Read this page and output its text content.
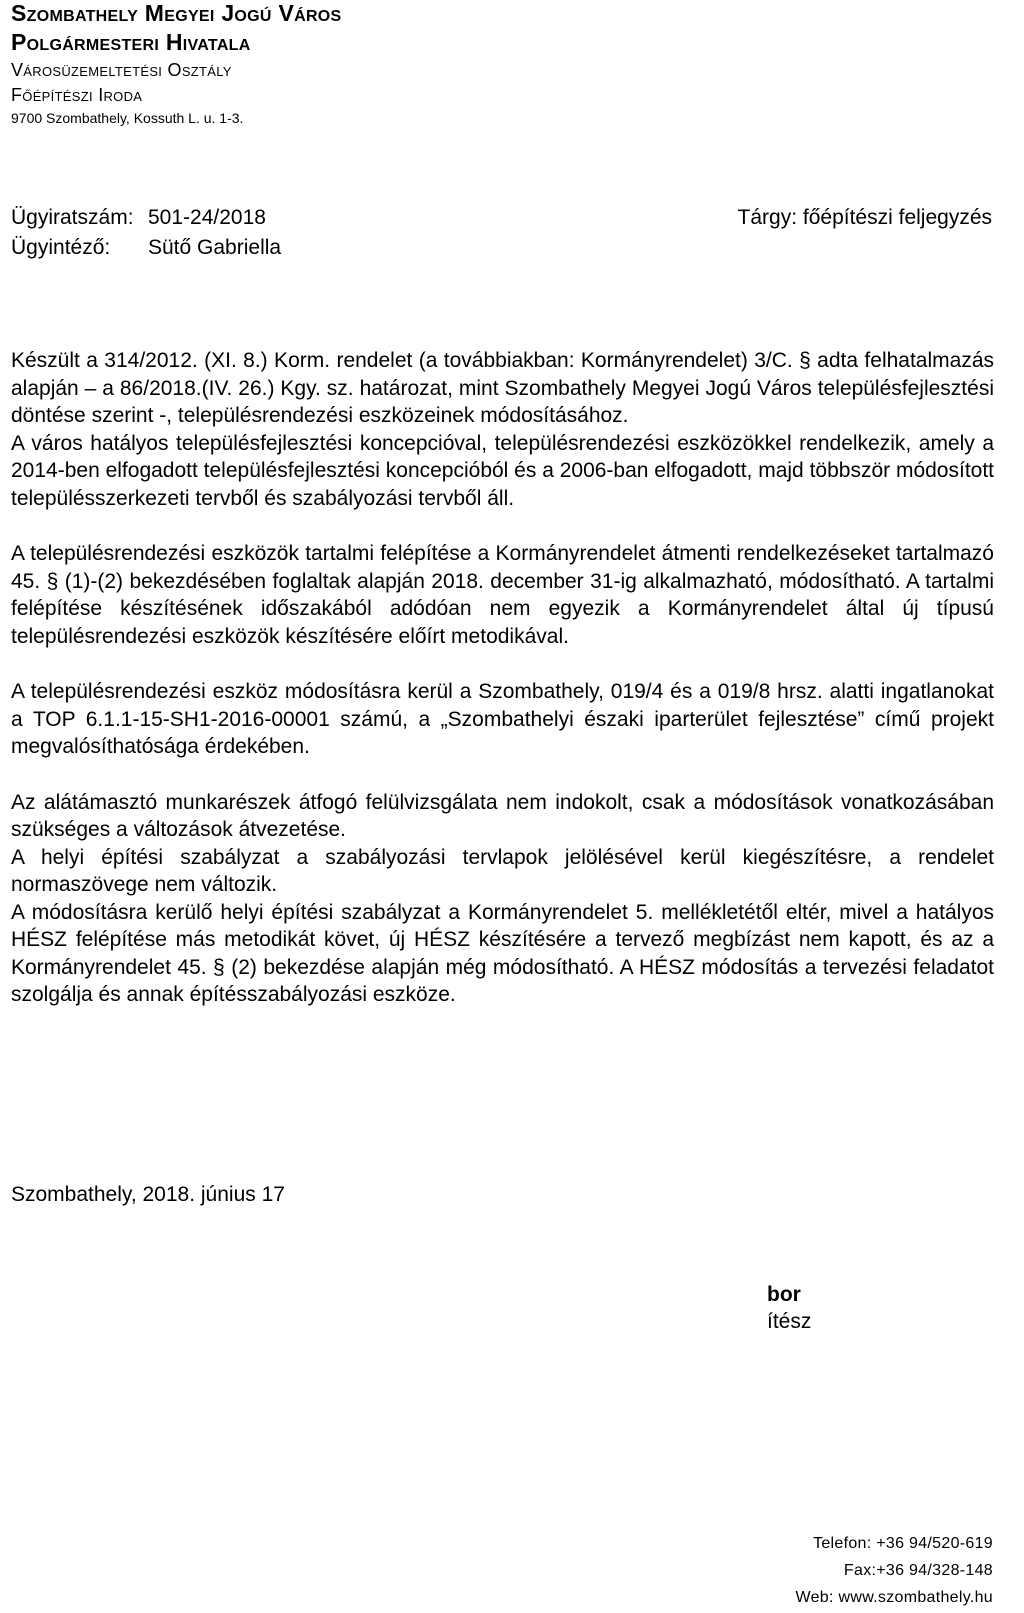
Szombathely Megyei Jogú Város
Polgármesteri Hivatala
Városüzemeltetési Osztály
Főépítészi Iroda
9700 Szombathely, Kossuth L. u. 1-3.
Ügyiratszám: 501-24/2018
Ügyintéző: Sütő Gabriella
Tárgy: főépítészi feljegyzés

Készült a 314/2012. (XI. 8.) Korm. rendelet (a továbbiakban: Kormányrendelet) 3/C. § adta felhatalmazás alapján – a 86/2018.(IV. 26.) Kgy. sz. határozat, mint Szombathely Megyei Jogú Város településfejlesztési döntése szerint -, településrendezési eszközeinek módosításához.

A város hatályos településfejlesztési koncepcióval, településrendezési eszközökkel rendelkezik, amely a 2014-ben elfogadott településfejlesztési koncepcióból és a 2006-ban elfogadott, majd többször módosított településszerkezeti tervből és szabályozási tervből áll.

A településrendezési eszközök tartalmi felépítése a Kormányrendelet átmenti rendelkezéseket tartalmazó 45. § (1)-(2) bekezdésében foglaltak alapján 2018. december 31-ig alkalmazható, módosítható. A tartalmi felépítése készítésének időszakából adódóan nem egyezik a Kormányrendelet által új típusú településrendezési eszközök készítésére előírt metodikával.

A településrendezési eszköz módosításra kerül a Szombathely, 019/4 és a 019/8 hrsz. alatti ingatlanokat a TOP 6.1.1-15-SH1-2016-00001 számú, a „Szombathelyi északi iparterület fejlesztése” című projekt megvalósíthatósága érdekében.

Az alátámasztó munkarészek átfogó felülvizsgálata nem indokolt, csak a módosítások vonatkozásában szükséges a változások átvezetése.

A helyi építési szabályzat a szabályozási tervlapok jelölésével kerül kiegészítésre, a rendelet normaszövege nem változik.

A módosításra kerülő helyi építési szabályzat a Kormányrendelet 5. mellékletétől eltér, mivel a hatályos HÉSZ felépítése más metodikát követ, új HÉSZ készítésére a tervező megbízást nem kapott, és az a Kormányrendelet 45. § (2) bekezdése alapján még módosítható. A HÉSZ módosítás a tervezési feladatot szolgálja és annak építésszabályozási eszköze.

Szombathely, 2018. június 17
bor
ítész
Telefon: +36 94/520-619
Fax:+36 94/328-148
Web: www.szombathely.hu
